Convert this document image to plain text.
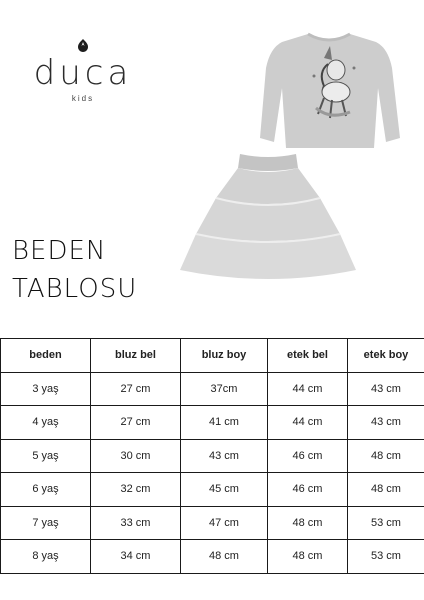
duca
kids
BEDEN
TABLOSU
beden	bluz bel	bluz boy	etek bel	etek boy
3 yaş	27 cm	37cm	44 cm	43 cm
4 yaş	27 cm	41 cm	44 cm	43 cm
5 yaş	30 cm	43 cm	46 cm	48 cm
6 yaş	32 cm	45 cm	46 cm	48 cm
7 yaş	33 cm	47 cm	48 cm	53 cm
8 yaş	34 cm	48 cm	48 cm	53 cm
